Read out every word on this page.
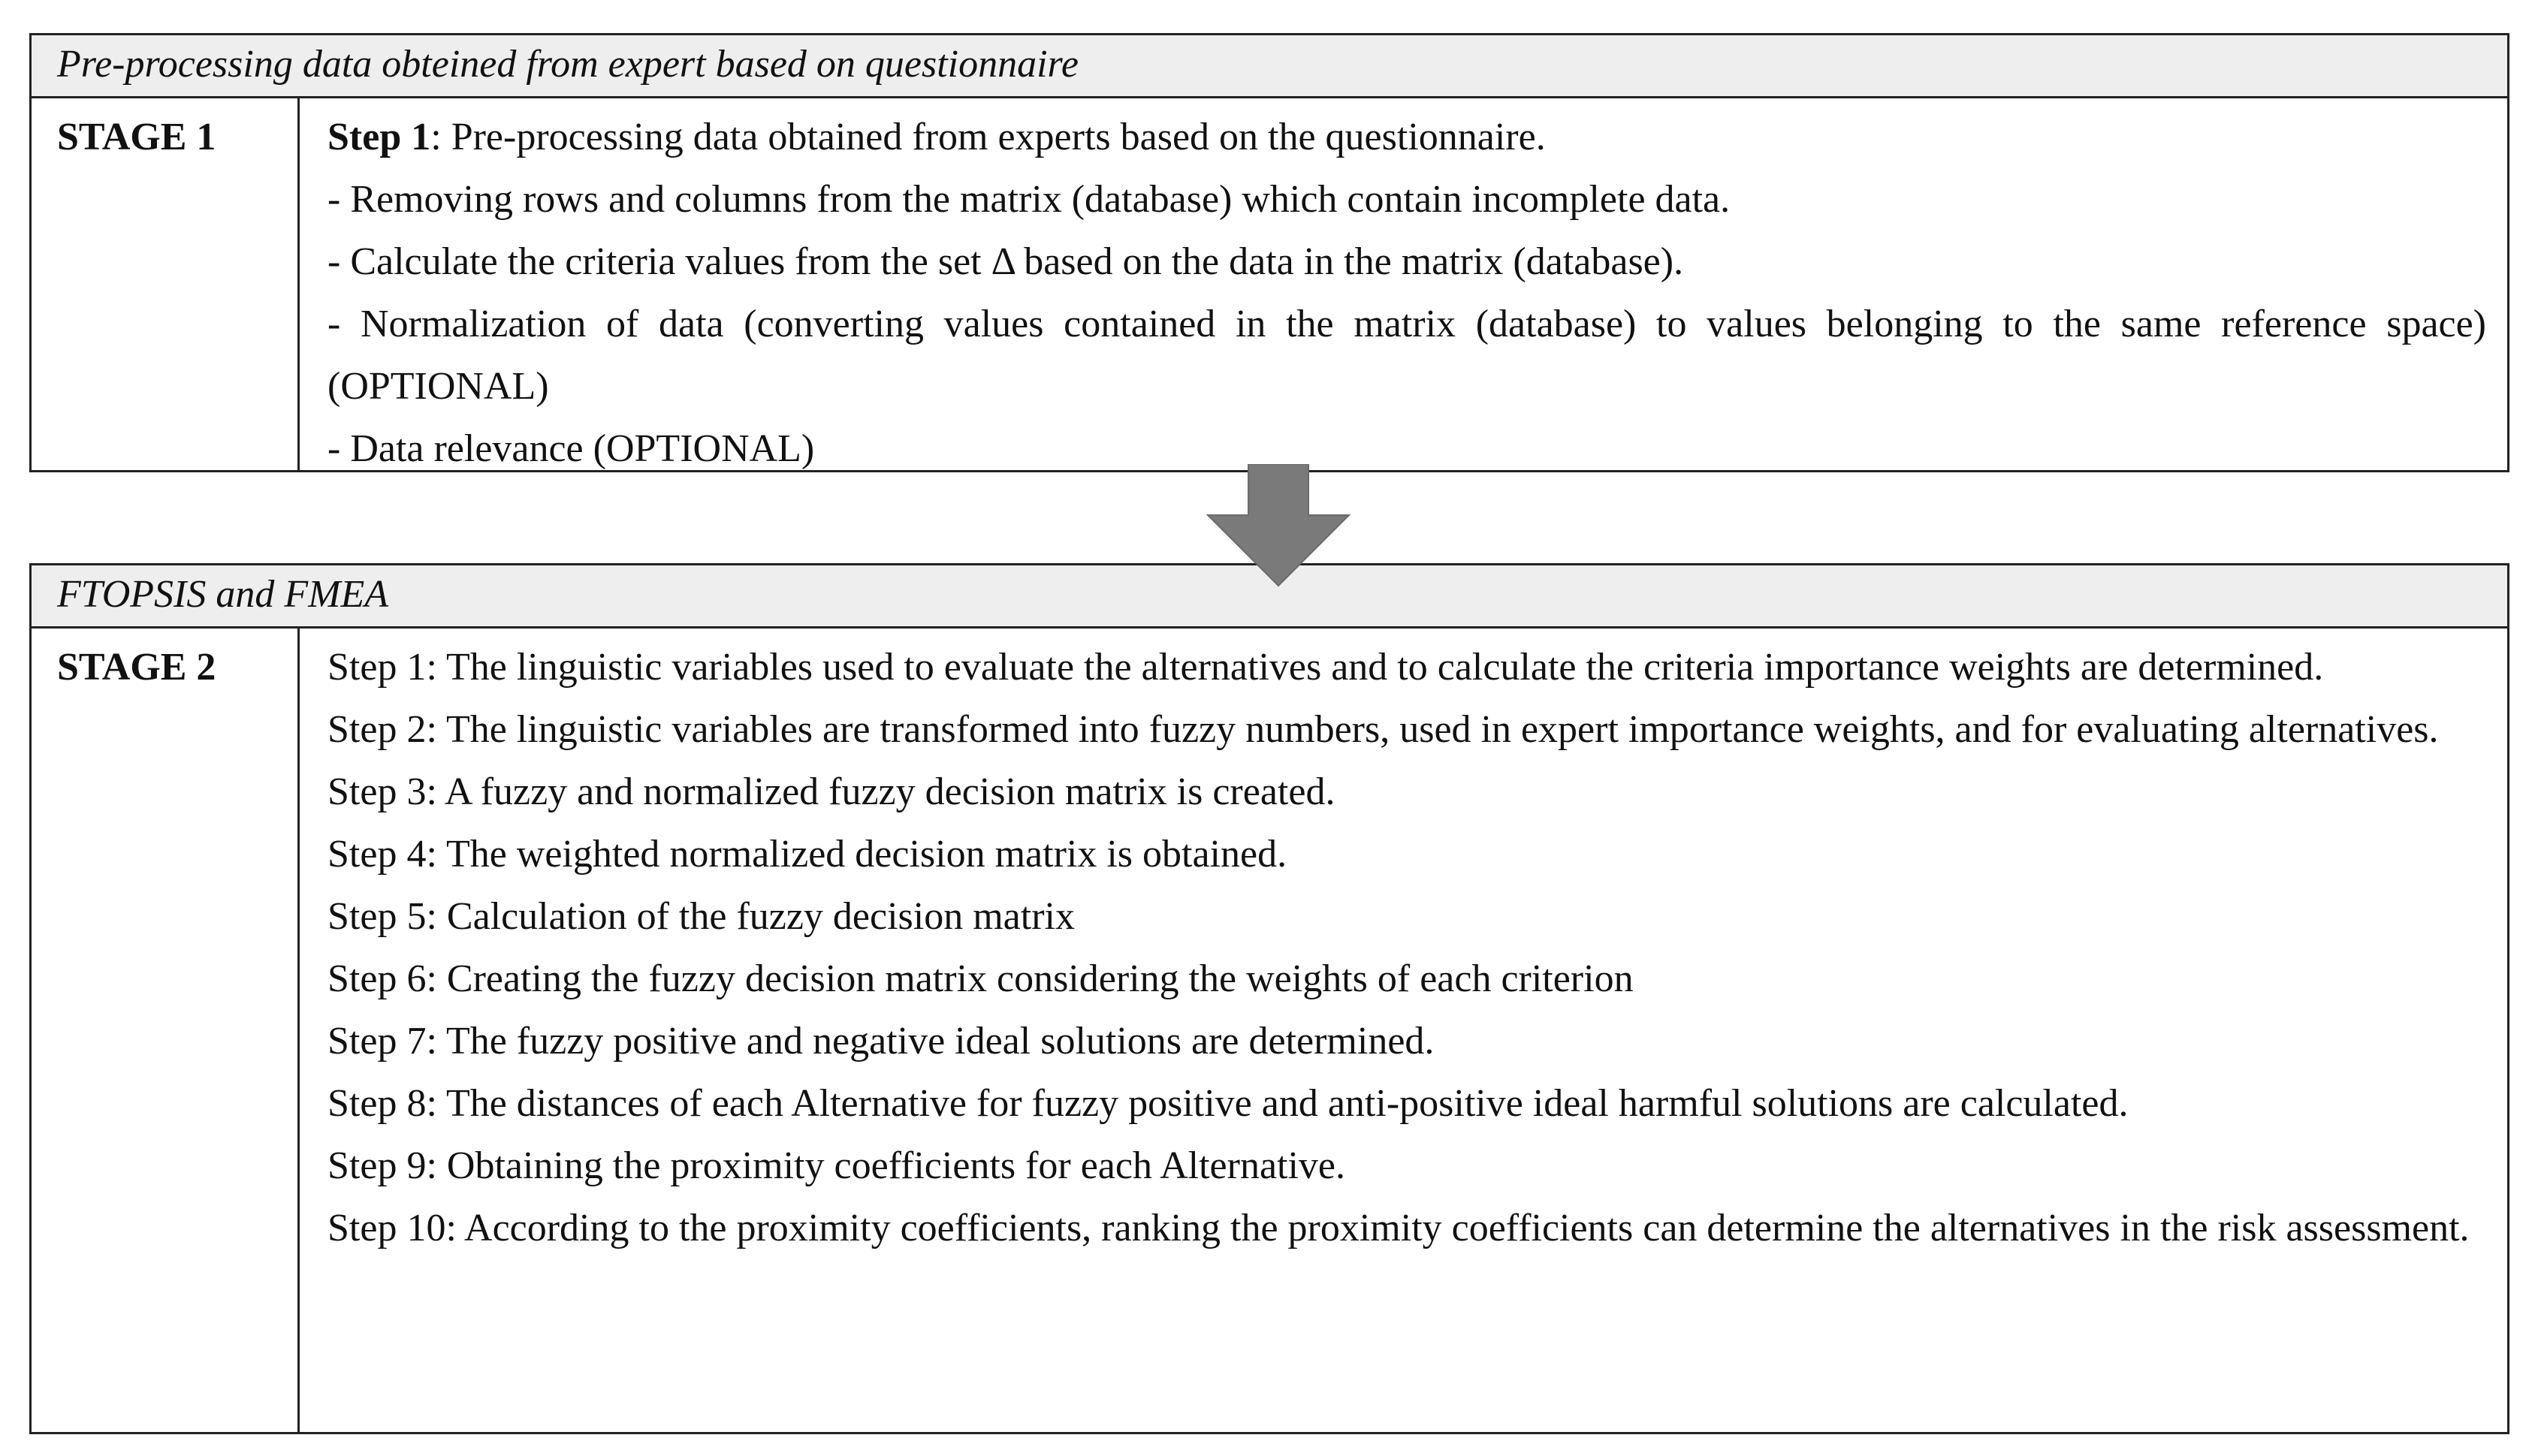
Pre-processing data obteined from expert based on questionnaire
STAGE 1	Step 1: Pre-processing data obtained from experts based on the questionnaire.
- Removing rows and columns from the matrix (database) which contain incomplete data.
- Calculate the criteria values from the set Δ based on the data in the matrix (database).
- Normalization of data (converting values contained in the matrix (database) to values belonging to the same reference space) (OPTIONAL)
- Data relevance (OPTIONAL)
FTOPSIS and FMEA
STAGE 2	Step 1: The linguistic variables used to evaluate the alternatives and to calculate the criteria importance weights are determined.
Step 2: The linguistic variables are transformed into fuzzy numbers, used in expert importance weights, and for evaluating alternatives.
Step 3: A fuzzy and normalized fuzzy decision matrix is created.
Step 4: The weighted normalized decision matrix is obtained.
Step 5: Calculation of the fuzzy decision matrix
Step 6: Creating the fuzzy decision matrix considering the weights of each criterion
Step 7: The fuzzy positive and negative ideal solutions are determined.
Step 8: The distances of each Alternative for fuzzy positive and anti-positive ideal harmful solutions are calculated.
Step 9: Obtaining the proximity coefficients for each Alternative.
Step 10: According to the proximity coefficients, ranking the proximity coefficients can determine the alternatives in the risk assessment.
